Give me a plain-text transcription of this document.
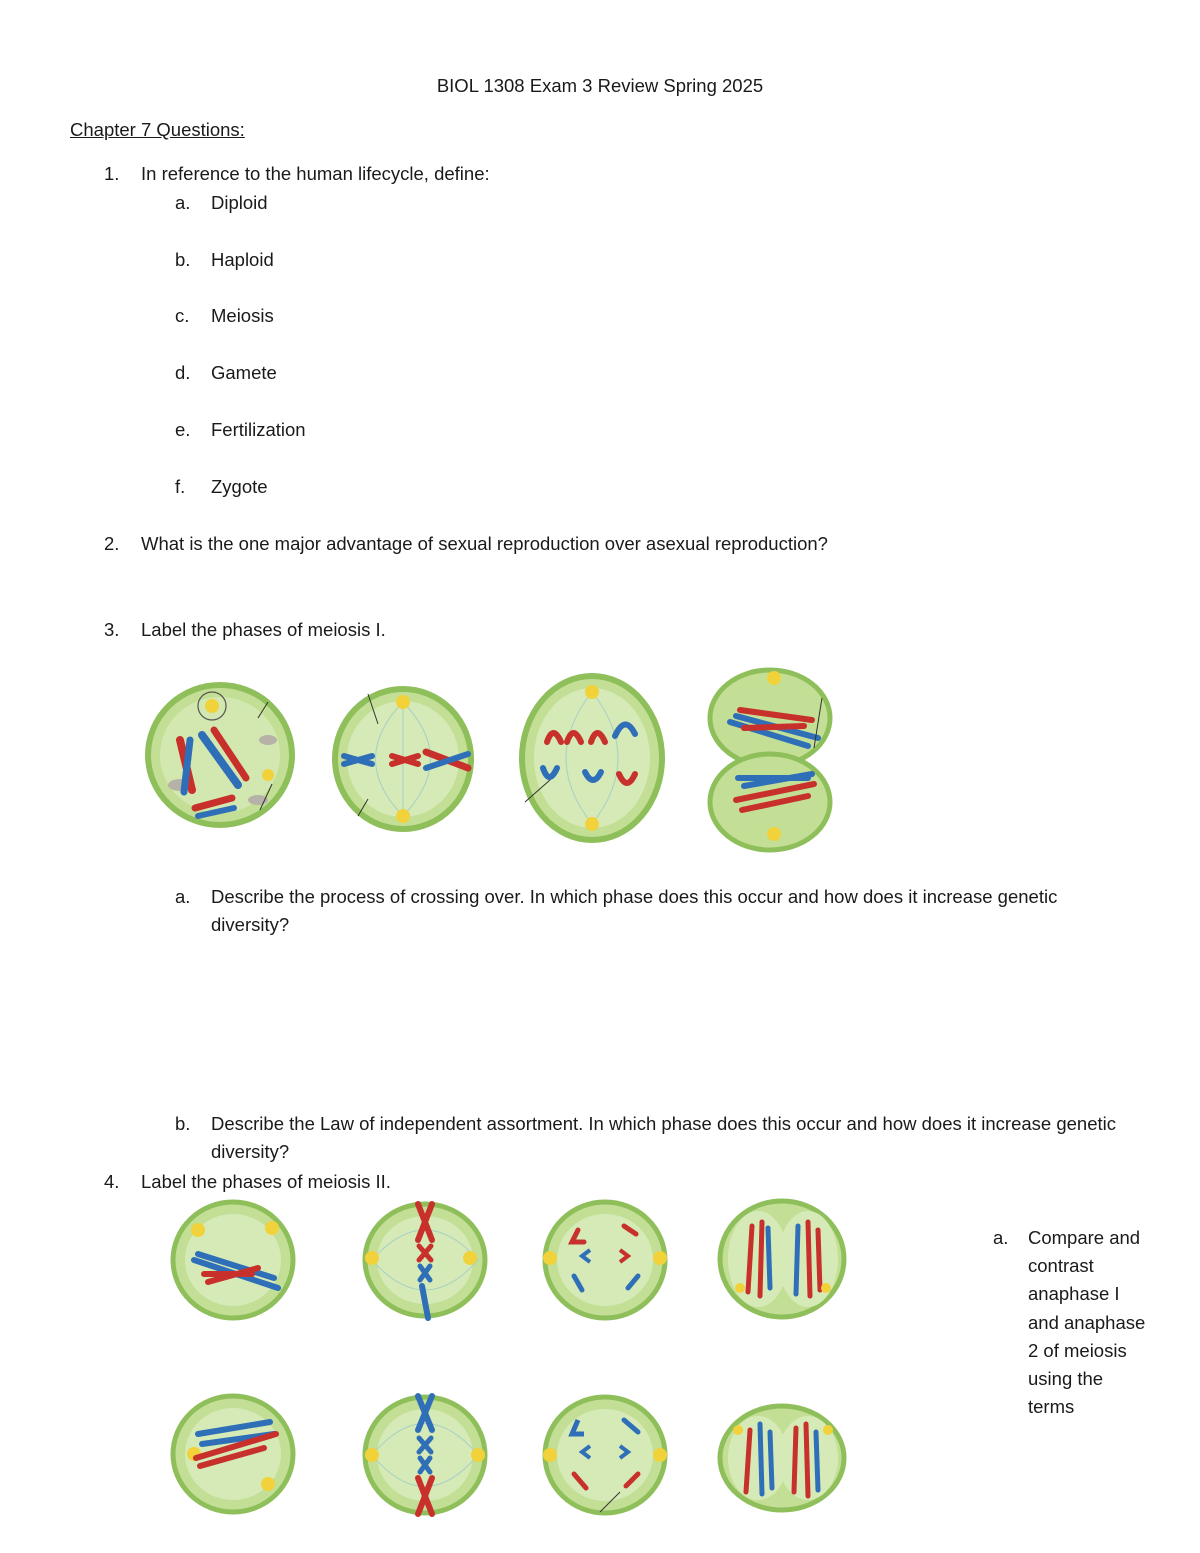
BIOL 1308 Exam 3 Review Spring 2025
Chapter 7 Questions:
1. In reference to the human lifecycle, define:
a. Diploid
b. Haploid
c. Meiosis
d. Gamete
e. Fertilization
f. Zygote
2. What is the one major advantage of sexual reproduction over asexual reproduction?
3. Label the phases of meiosis I.
a. Describe the process of crossing over. In which phase does this occur and how does it increase genetic diversity?
b. Describe the Law of independent assortment. In which phase does this occur and how does it increase genetic diversity?
4. Label the phases of meiosis II.
a. Compare and contrast anaphase I and anaphase 2 of meiosis using the terms
